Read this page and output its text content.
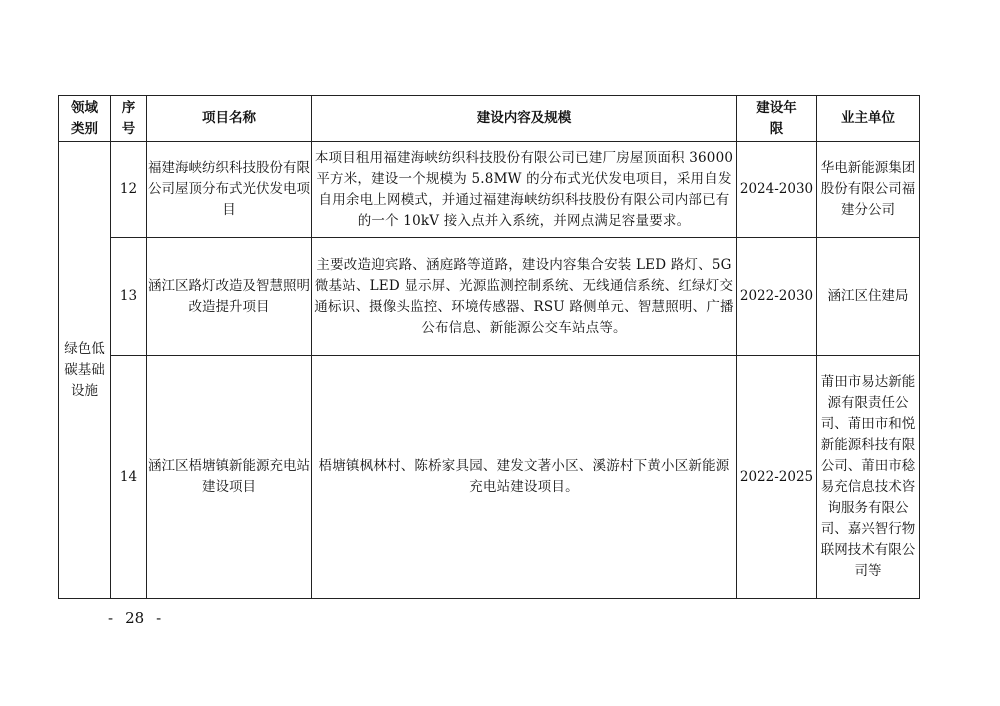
领域类别	序号	项目名称	建设内容及规模	建设年限	业主单位
绿色低碳基础设施	12	福建海峡纺织科技股份有限公司屋顶分布式光伏发电项目	本项目租用福建海峡纺织科技股份有限公司已建厂房屋顶面积 36000 平方米，建设一个规模为 5.8MW 的分布式光伏发电项目，采用自发自用余电上网模式，并通过福建海峡纺织科技股份有限公司内部已有的一个 10kV 接入点并入系统，并网点满足容量要求。	2024-2030	华电新能源集团股份有限公司福建分公司
	13	涵江区路灯改造及智慧照明改造提升项目	主要改造迎宾路、涵庭路等道路，建设内容集合安装 LED 路灯、5G 微基站、LED 显示屏、光源监测控制系统、无线通信系统、红绿灯交通标识、摄像头监控、环境传感器、RSU 路侧单元、智慧照明、广播公布信息、新能源公交车站点等。	2022-2030	涵江区住建局
	14	涵江区梧塘镇新能源充电站建设项目	梧塘镇枫林村、陈桥家具园、建发文著小区、溪游村下黄小区新能源充电站建设项目。	2022-2025	莆田市易达新能源有限责任公司、莆田市和悦新能源科技有限公司、莆田市稔易充信息技术咨询服务有限公司、嘉兴智行物联网技术有限公司等
- 28 -
